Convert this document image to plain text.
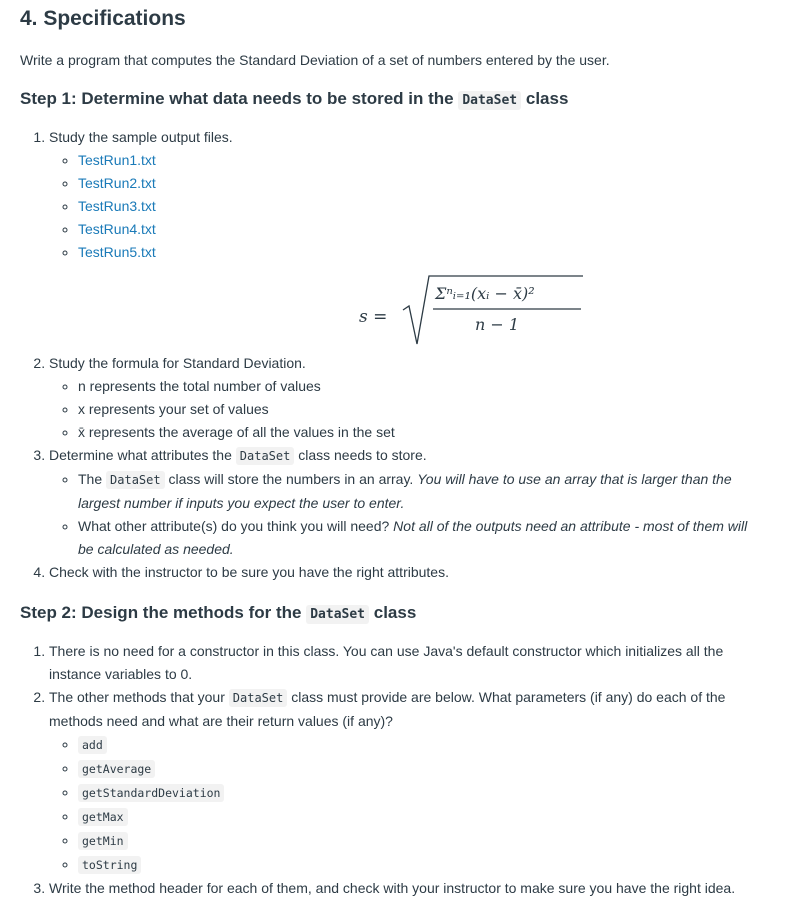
4. Specifications

Write a program that computes the Standard Deviation of a set of numbers entered by the user.

Step 1: Determine what data needs to be stored in the DataSet class
1. Study the sample output files.
◦ TestRun1.txt
◦ TestRun2.txt
◦ TestRun3.txt
◦ TestRun4.txt
◦ TestRun5.txt
s =
Σⁿᵢ₌₁(xᵢ − x̄)²
n − 1
2. Study the formula for Standard Deviation.
◦ n represents the total number of values
◦ x represents your set of values
◦ x̄ represents the average of all the values in the set
3. Determine what attributes the DataSet class needs to store.
◦ The DataSet class will store the numbers in an array. You will have to use an array that is larger than the largest number if inputs you expect the user to enter.
◦ What other attribute(s) do you think you will need? Not all of the outputs need an attribute - most of them will be calculated as needed.
4. Check with the instructor to be sure you have the right attributes.
Step 2: Design the methods for the DataSet class
1. There is no need for a constructor in this class. You can use Java's default constructor which initializes all the instance variables to 0.
2. The other methods that your DataSet class must provide are below. What parameters (if any) do each of the methods need and what are their return values (if any)?
◦ add
◦ getAverage
◦ getStandardDeviation
◦ getMax
◦ getMin
◦ toString
3. Write the method header for each of them, and check with your instructor to make sure you have the right idea.
